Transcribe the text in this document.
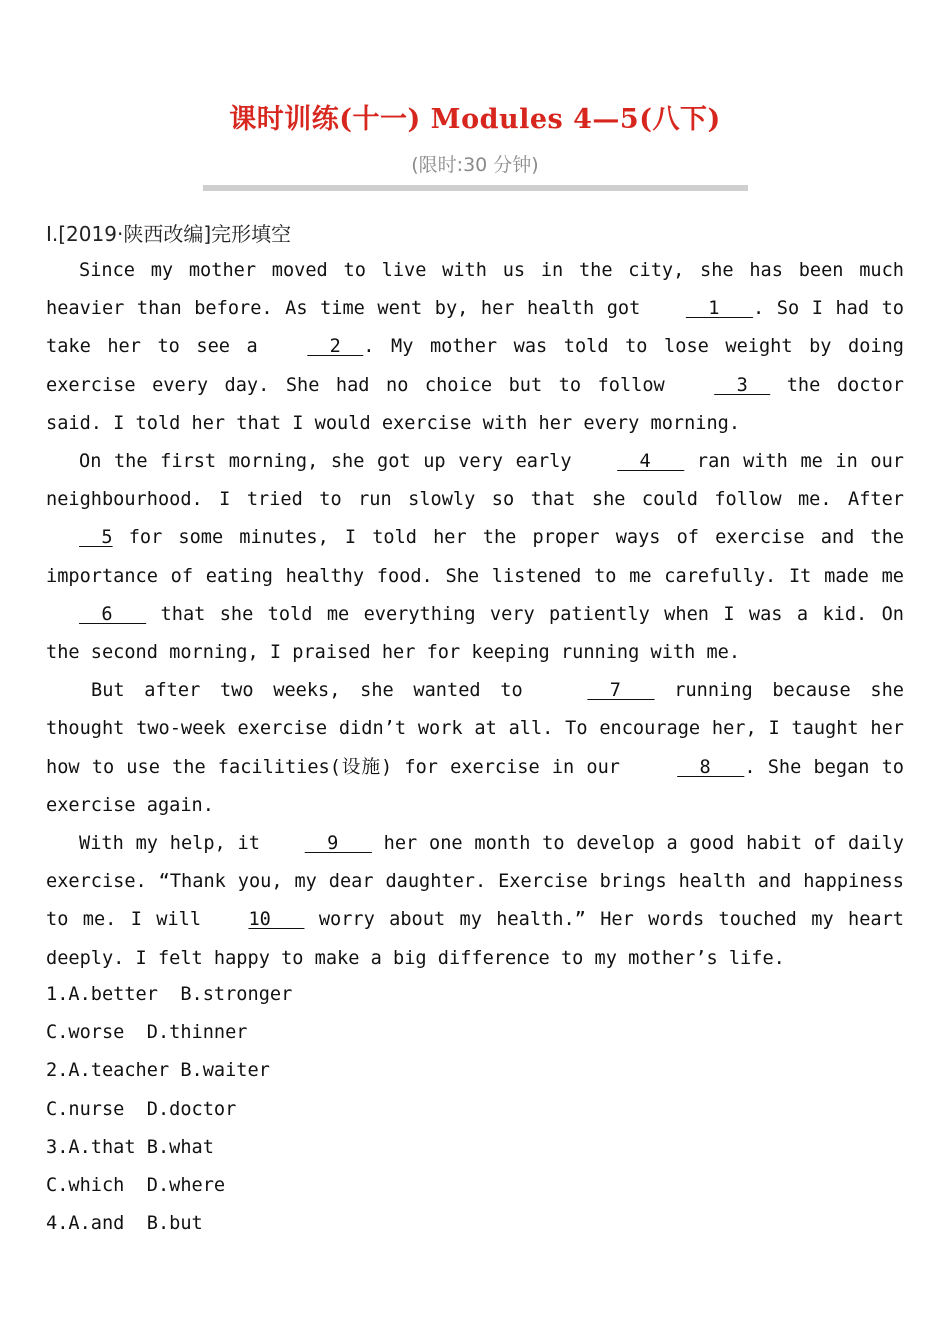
课时训练(十一) Modules 4—5(八下)
(限时:30 分钟)
Ⅰ.[2019·陕西改编]完形填空

Since my mother moved to live with us in the city, she has been much heavier than before. As time went by, her health got   1   . So I had to take her to see a   2  . My mother was told to lose weight by doing exercise every day. She had no choice but to follow   3   the doctor said. I told her that I would exercise with her every morning.

On the first morning, she got up very early   4    ran with me in our neighbourhood. I tried to run slowly so that she could follow me. After   5 for some minutes, I told her the proper ways of exercise and the importance of eating healthy food. She listened to me carefully. It made me   6    that she told me everything very patiently when I was a kid. On the second morning, I praised her for keeping running with me.

But after two weeks, she wanted to   7    running because she thought two-week exercise didn’t work at all. To encourage her, I taught her how to use the facilities(设施) for exercise in our   8   . She began to exercise again.

With my help, it   9    her one month to develop a good habit of daily exercise. “Thank you, my dear daughter. Exercise brings health and happiness to me. I will 10    worry about my health.” Her words touched my heart deeply. I felt happy to make a big difference to my mother’s life.

1.A.better  B.stronger
C.worse  D.thinner
2.A.teacher B.waiter
C.nurse  D.doctor
3.A.that B.what
C.which  D.where
4.A.and  B.but
